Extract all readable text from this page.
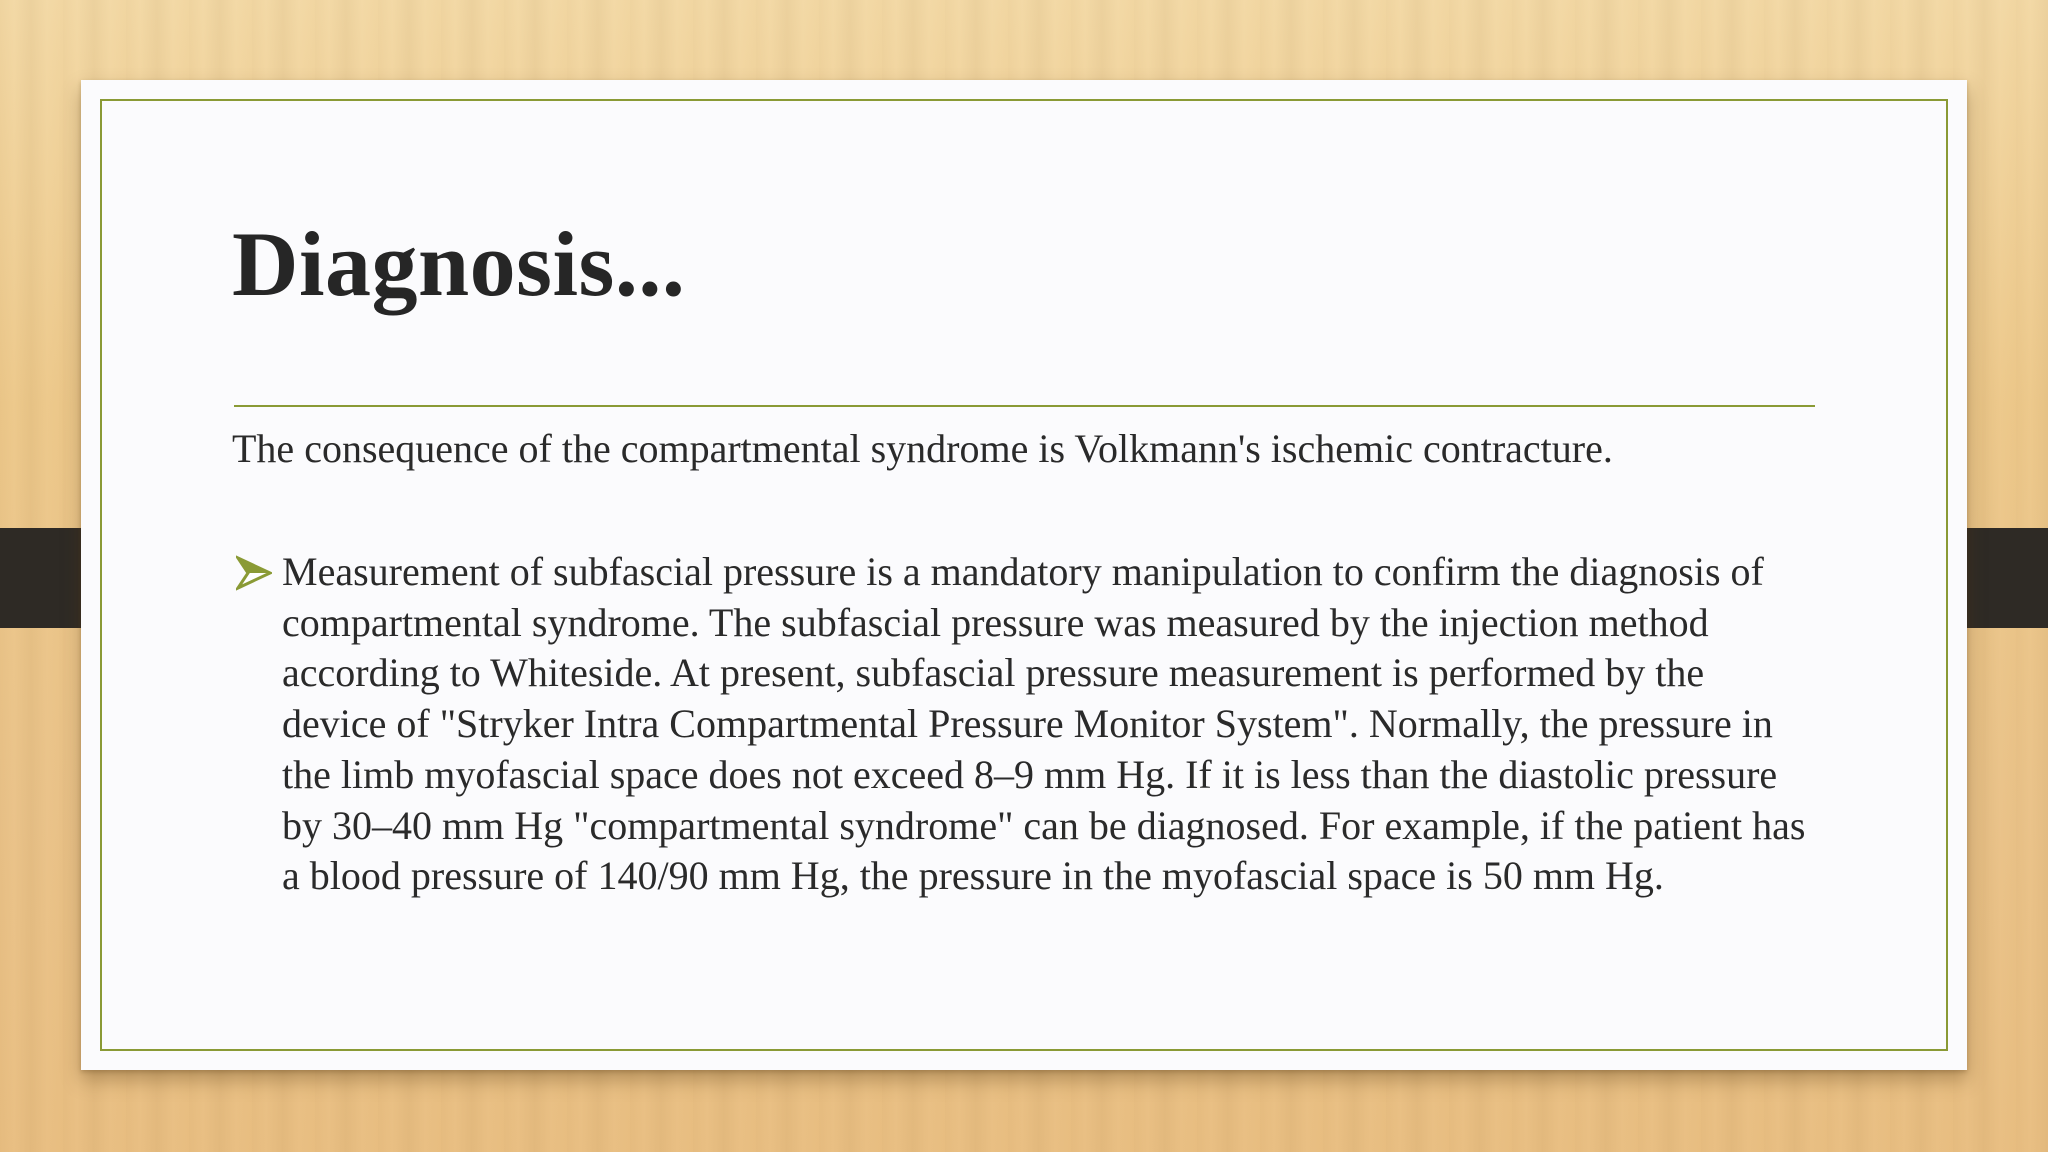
Diagnosis...

The consequence of the compartmental syndrome is Volkmann's ischemic contracture.

Measurement of subfascial pressure is a mandatory manipulation to confirm the diagnosis of compartmental syndrome. The subfascial pressure was measured by the injection method according to Whiteside. At present, subfascial pressure measurement is performed by the device of "Stryker Intra Compartmental Pressure Monitor System". Normally, the pressure in the limb myofascial space does not exceed 8–9 mm Hg. If it is less than the diastolic pressure by 30–40 mm Hg "compartmental syndrome" can be diagnosed. For example, if the patient has a blood pressure of 140/90 mm Hg, the pressure in the myofascial space is 50 mm Hg.
